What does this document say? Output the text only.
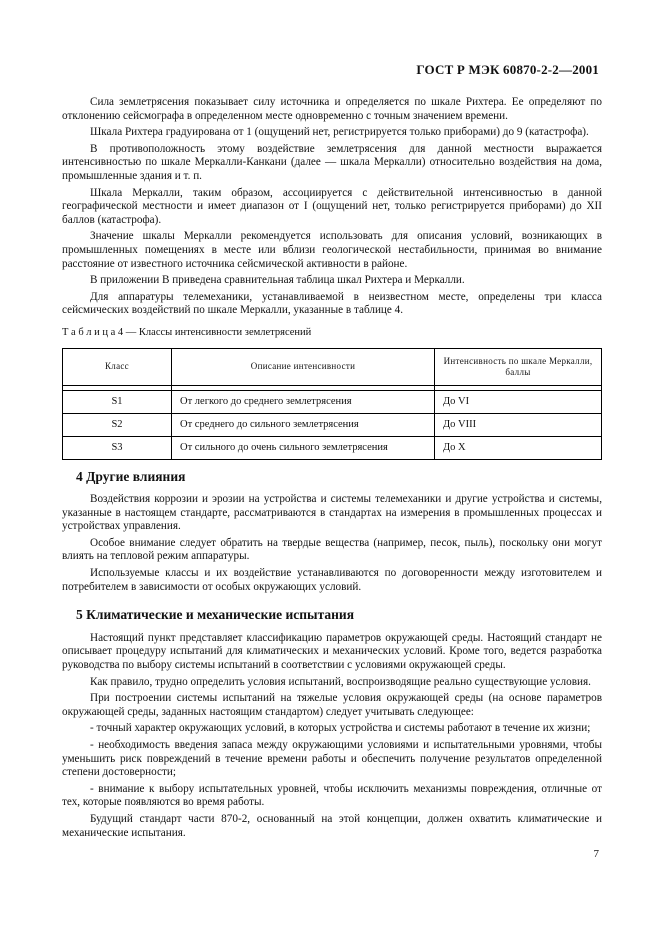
ГОСТ Р МЭК 60870-2-2—2001

Сила землетрясения показывает силу источника и определяется по шкале Рихтера. Ее определяют по отклонению сейсмографа в определенном месте одновременно с точным значением времени.

Шкала Рихтера градуирована от 1 (ощущений нет, регистрируется только приборами) до 9 (катастрофа).

В противоположность этому воздействие землетрясения для данной местности выражается интенсивностью по шкале Меркалли-Канкани (далее — шкала Меркалли) относительно воздействия на дома, промышленные здания и т. п.

Шкала Меркалли, таким образом, ассоциируется с действительной интенсивностью в данной географической местности и имеет диапазон от I (ощущений нет, только регистрируется приборами) до XII баллов (катастрофа).

Значение шкалы Меркалли рекомендуется использовать для описания условий, возникающих в промышленных помещениях в месте или вблизи геологической нестабильности, принимая во внимание расстояние от известного источника сейсмической активности в районе.

В приложении В приведена сравнительная таблица шкал Рихтера и Меркалли.

Для аппаратуры телемеханики, устанавливаемой в неизвестном месте, определены три класса сейсмических воздействий по шкале Меркалли, указанные в таблице 4.

Т а б л и ц а 4 — Классы интенсивности землетрясений

Класс	Описание интенсивности	Интенсивность по шкале Меркалли, баллы

S1	От легкого до среднего землетрясения	До VI
S2	От среднего до сильного землетрясения	До VIII
S3	От сильного до очень сильного землетрясения	До X
4 Другие влияния

Воздействия коррозии и эрозии на устройства и системы телемеханики и другие устройства и системы, указанные в настоящем стандарте, рассматриваются в стандартах на измерения в промышленных процессах и устройствах управления.

Особое внимание следует обратить на твердые вещества (например, песок, пыль), поскольку они могут влиять на тепловой режим аппаратуры.

Используемые классы и их воздействие устанавливаются по договоренности между изготовителем и потребителем в зависимости от особых окружающих условий.

5 Климатические и механические испытания

Настоящий пункт представляет классификацию параметров окружающей среды. Настоящий стандарт не описывает процедуру испытаний для климатических и механических условий. Кроме того, ведется разработка руководства по выбору системы испытаний в соответствии с условиями окружающей среды.

Как правило, трудно определить условия испытаний, воспроизводящие реально существующие условия.

При построении системы испытаний на тяжелые условия окружающей среды (на основе параметров окружающей среды, заданных настоящим стандартом) следует учитывать следующее:

- точный характер окружающих условий, в которых устройства и системы работают в течение их жизни;

- необходимость введения запаса между окружающими условиями и испытательными уровнями, чтобы уменьшить риск повреждений в течение времени работы и обеспечить получение результатов определенной степени достоверности;

- внимание к выбору испытательных уровней, чтобы исключить механизмы повреждения, отличные от тех, которые появляются во время работы.

Будущий стандарт части 870-2, основанный на этой концепции, должен охватить климатические и механические испытания.

7
